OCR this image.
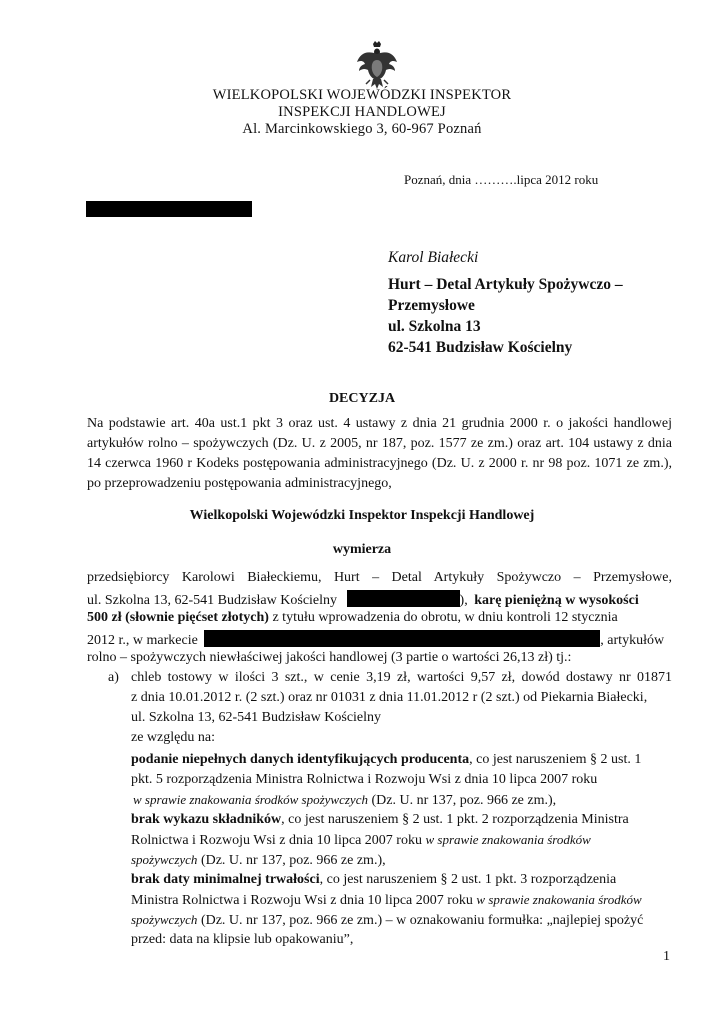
WIELKOPOLSKI WOJEWÓDZKI INSPEKTOR
INSPEKCJI HANDLOWEJ
Al. Marcinkowskiego 3, 60-967 Poznań
Poznań, dnia ……….lipca 2012 roku
Karol Białecki
Hurt – Detal Artykuły Spożywczo –
Przemysłowe
ul. Szkolna 13
62-541 Budzisław Kościelny
DECYZJA
Na podstawie art. 40a ust.1 pkt 3 oraz ust. 4 ustawy z dnia 21 grudnia 2000 r. o jakości handlowej artykułów rolno – spożywczych (Dz. U. z 2005, nr 187, poz. 1577 ze zm.) oraz art. 104 ustawy z dnia 14 czerwca 1960 r Kodeks postępowania administracyjnego (Dz. U. z 2000 r. nr 98 poz. 1071 ze zm.), po przeprowadzeniu postępowania administracyjnego,
Wielkopolski Wojewódzki Inspektor Inspekcji Handlowej
wymierza
przedsiębiorcy Karolowi Białeckiemu, Hurt – Detal Artykuły Spożywczo – Przemysłowe,
ul. Szkolna 13, 62-541 Budzisław Kościelny	), karę pieniężną w wysokości
500 zł (słownie pięćset złotych) z tytułu wprowadzenia do obrotu, w dniu kontroli 12 stycznia
2012 r., w markecie	, artykułów
rolno – spożywczych niewłaściwej jakości handlowej (3 partie o wartości 26,13 zł) tj.:
a) chleb tostowy w ilości 3 szt., w cenie 3,19 zł, wartości 9,57 zł, dowód dostawy nr 01871
z dnia 10.01.2012 r. (2 szt.) oraz nr 01031 z dnia 11.01.2012 r (2 szt.) od Piekarnia Białecki,
ul. Szkolna 13, 62-541 Budzisław Kościelny
ze względu na:
podanie niepełnych danych identyfikujących producenta, co jest naruszeniem § 2 ust. 1
pkt. 5 rozporządzenia Ministra Rolnictwa i Rozwoju Wsi z dnia 10 lipca 2007 roku
w sprawie znakowania środków spożywczych (Dz. U. nr 137, poz. 966 ze zm.),
brak wykazu składników, co jest naruszeniem § 2 ust. 1 pkt. 2 rozporządzenia Ministra
Rolnictwa i Rozwoju Wsi z dnia 10 lipca 2007 roku w sprawie znakowania środków
spożywczych (Dz. U. nr 137, poz. 966 ze zm.),
brak daty minimalnej trwałości, co jest naruszeniem § 2 ust. 1 pkt. 3 rozporządzenia
Ministra Rolnictwa i Rozwoju Wsi z dnia 10 lipca 2007 roku w sprawie znakowania środków
spożywczych (Dz. U. nr 137, poz. 966 ze zm.) – w oznakowaniu formułka: „najlepiej spożyć
przed: data na klipsie lub opakowaniu”,
1
